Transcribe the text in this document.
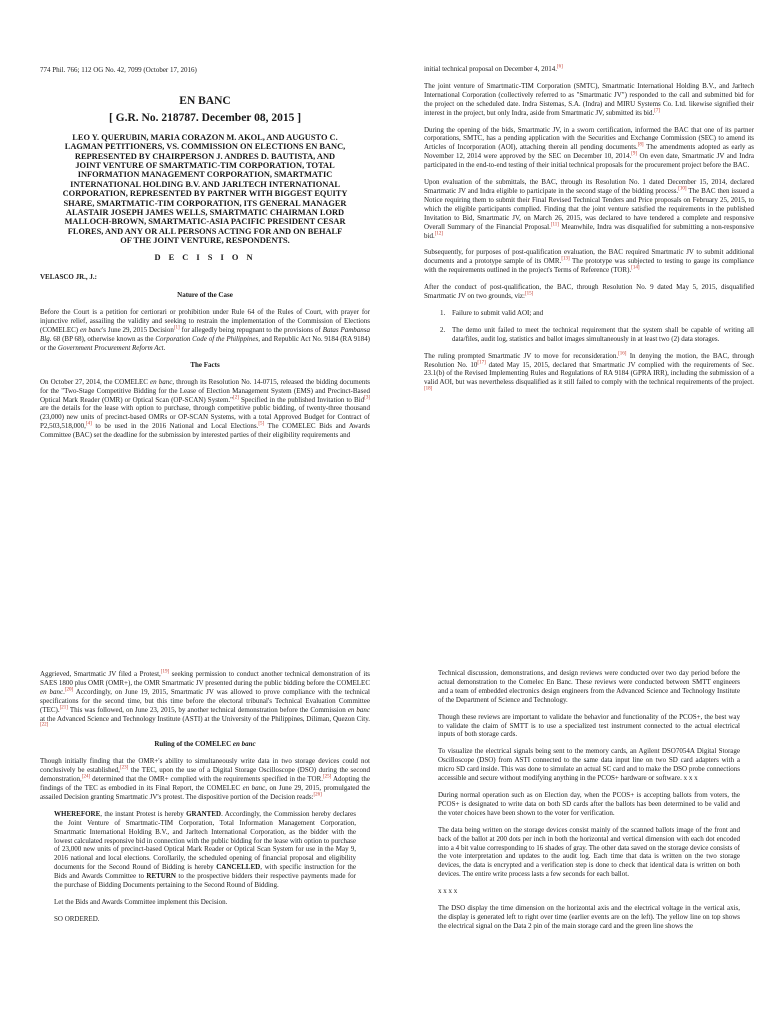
774 Phil. 766; 112 OG No. 42, 7099 (October 17, 2016)

EN BANC

[ G.R. No. 218787. December 08, 2015 ]

LEO Y. QUERUBIN, MARIA CORAZON M. AKOL, AND AUGUSTO C. LAGMAN PETITIONERS, VS. COMMISSION ON ELECTIONS EN BANC, REPRESENTED BY CHAIRPERSON J. ANDRES D. BAUTISTA, AND JOINT VENTURE OF SMARTMATIC-TIM CORPORATION, TOTAL INFORMATION MANAGEMENT CORPORATION, SMARTMATIC INTERNATIONAL HOLDING B.V. AND JARLTECH INTERNATIONAL CORPORATION, REPRESENTED BY PARTNER WITH BIGGEST EQUITY SHARE, SMARTMATIC-TIM CORPORATION, ITS GENERAL MANAGER ALASTAIR JOSEPH JAMES WELLS, SMARTMATIC CHAIRMAN LORD MALLOCH-BROWN, SMARTMATIC-ASIA PACIFIC PRESIDENT CESAR FLORES, AND ANY OR ALL PERSONS ACTING FOR AND ON BEHALF OF THE JOINT VENTURE, RESPONDENTS.

D E C I S I O N

VELASCO JR., J.:

Nature of the Case

Before the Court is a petition for certiorari or prohibition under Rule 64 of the Rules of Court, with prayer for injunctive relief, assailing the validity and seeking to restrain the implementation of the Commission of Elections (COMELEC) en banc's June 29, 2015 Decision[1] for allegedly being repugnant to the provisions of Batas Pambansa Blg. 68 (BP 68), otherwise known as the Corporation Code of the Philippines, and Republic Act No. 9184 (RA 9184) or the Government Procurement Reform Act.

The Facts

On October 27, 2014, the COMELEC en banc, through its Resolution No. 14-0715, released the bidding documents for the "Two-Stage Competitive Bidding for the Lease of Election Management System (EMS) and Precinct-Based Optical Mark Reader (OMR) or Optical Scan (OP-SCAN) System."[2] Specified in the published Invitation to Bid[3] are the details for the lease with option to purchase, through competitive public bidding, of twenty-three thousand (23,000) new units of precinct-based OMRs or OP-SCAN Systems, with a total Approved Budget for Contract of P2,503,518,000,[4] to be used in the 2016 National and Local Elections.[5] The COMELEC Bids and Awards Committee (BAC) set the deadline for the submission by interested parties of their eligibility requirements and

initial technical proposal on December 4, 2014.[6]

The joint venture of Smartmatic-TIM Corporation (SMTC), Smartmatic International Holding B.V., and Jarltech International Corporation (collectively referred to as "Smartmatic JV") responded to the call and submitted bid for the project on the scheduled date. Indra Sistemas, S.A. (Indra) and MIRU Systems Co. Ltd. likewise signified their interest in the project, but only Indra, aside from Smartmatic JV, submitted its bid.[7]

During the opening of the bids, Smartmatic JV, in a sworn certification, informed the BAC that one of its partner corporations, SMTC, has a pending application with the Securities and Exchange Commission (SEC) to amend its Articles of Incorporation (AOI), attaching therein all pending documents.[8] The amendments adopted as early as November 12, 2014 were approved by the SEC on December 10, 2014.[9] On even date, Smartmatic JV and Indra participated in the end-to-end testing of their initial technical proposals for the procurement project before the BAC.

Upon evaluation of the submittals, the BAC, through its Resolution No. 1 dated December 15, 2014, declared Smartmatic JV and Indra eligible to participate in the second stage of the bidding process.[10] The BAC then issued a Notice requiring them to submit their Final Revised Technical Tenders and Price proposals on February 25, 2015, to which the eligible participants complied. Finding that the joint venture satisfied the requirements in the published Invitation to Bid, Smartmatic JV, on March 26, 2015, was declared to have tendered a complete and responsive Overall Summary of the Financial Proposal.[11] Meanwhile, Indra was disqualified for submitting a non-responsive bid.[12]

Subsequently, for purposes of post-qualification evaluation, the BAC required Smartmatic JV to submit additional documents and a prototype sample of its OMR.[13] The prototype was subjected to testing to gauge its compliance with the requirements outlined in the project's Terms of Reference (TOR).[14]

After the conduct of post-qualification, the BAC, through Resolution No. 9 dated May 5, 2015, disqualified Smartmatic JV on two grounds, viz:[15]

1. Failure to submit valid AOI; and
2. The demo unit failed to meet the technical requirement that the system shall be capable of writing all data/files, audit log, statistics and ballot images simultaneously in at least two (2) data storages.

The ruling prompted Smartmatic JV to move for reconsideration.[16] In denying the motion, the BAC, through Resolution No. 10[17] dated May 15, 2015, declared that Smartmatic JV complied with the requirements of Sec. 23.1(b) of the Revised Implementing Rules and Regulations of RA 9184 (GPRA IRR), including the submission of a valid AOI, but was nevertheless disqualified as it still failed to comply with the technical requirements of the project.[18]

Aggrieved, Smartmatic JV filed a Protest,[19] seeking permission to conduct another technical demonstration of its SAES 1800 plus OMR (OMR+), the OMR Smartmatic JV presented during the public bidding before the COMELEC en banc.[20] Accordingly, on June 19, 2015, Smartmatic JV was allowed to prove compliance with the technical specifications for the second time, but this time before the electoral tribunal's Technical Evaluation Committee (TEC).[21] This was followed, on June 23, 2015, by another technical demonstration before the Commission en banc at the Advanced Science and Technology Institute (ASTI) at the University of the Philippines, Diliman, Quezon City. [22]

Ruling of the COMELEC en banc

Though initially finding that the OMR+'s ability to simultaneously write data in two storage devices could not conclusively be established,[23] the TEC, upon the use of a Digital Storage Oscilloscope (DSO) during the second demonstration,[24] determined that the OMR+ complied with the requirements specified in the TOR.[25] Adopting the findings of the TEC as embodied in its Final Report, the COMELEC en banc, on June 29, 2015, promulgated the assailed Decision granting Smartmatic JV's protest. The dispositive portion of the Decision reads:[26]

WHEREFORE, the instant Protest is hereby GRANTED. Accordingly, the Commission hereby declares the Joint Venture of Smartmatic-TIM Corporation, Total Information Management Corporation, Smartmatic International Holding B.V., and Jarltech International Corporation, as the bidder with the lowest calculated responsive bid in connection with the public bidding for the lease with option to purchase of 23,000 new units of precinct-based Optical Mark Reader or Optical Scan System for use in the May 9, 2016 national and local elections. Corollarily, the scheduled opening of financial proposal and eligibility documents for the Second Round of Bidding is hereby CANCELLED, with specific instruction for the Bids and Awards Committee to RETURN to the prospective bidders their respective payments made for the purchase of Bidding Documents pertaining to the Second Round of Bidding.

Let the Bids and Awards Committee implement this Decision.

SO ORDERED.

Technical discussion, demonstrations, and design reviews were conducted over two day period before the actual demonstration to the Comelec En Banc. These reviews were conducted between SMTT engineers and a team of embedded electronics design engineers from the Advanced Science and Technology Institute of the Department of Science and Technology.

Though these reviews are important to validate the behavior and functionality of the PCOS+, the best way to validate the claim of SMTT is to use a specialized test instrument connected to the actual electrical inputs of both storage cards.

To visualize the electrical signals being sent to the memory cards, an Agilent DSO7054A Digital Storage Oscilloscope (DSO) from ASTI connected to the same data input line on two SD card adapters with a micro SD card inside. This was done to simulate an actual SC card and to make the DSO probe connections accessible and secure without modifying anything in the PCOS+ hardware or software. x x x

During normal operation such as on Election day, when the PCOS+ is accepting ballots from voters, the PCOS+ is designated to write data on both SD cards after the ballots has been determined to be valid and the voter choices have been shown to the voter for verification.

The data being written on the storage devices consist mainly of the scanned ballots image of the front and back of the ballot at 200 dots per inch in both the horizontal and vertical dimension with each dot encoded into a 4 bit value corresponding to 16 shades of gray. The other data saved on the storage device consists of the vote interpretation and updates to the audit log. Each time that data is written on the two storage devices, the data is encrypted and a verification step is done to check that identical data is written on both devices. The entire write process lasts a few seconds for each ballot.

x x x x

The DSO display the time dimension on the horizontal axis and the electrical voltage in the vertical axis, the display is generated left to right over time (earlier events are on the left). The yellow line on top shows the electrical signal on the Data 2 pin of the main storage card and the green line shows the
